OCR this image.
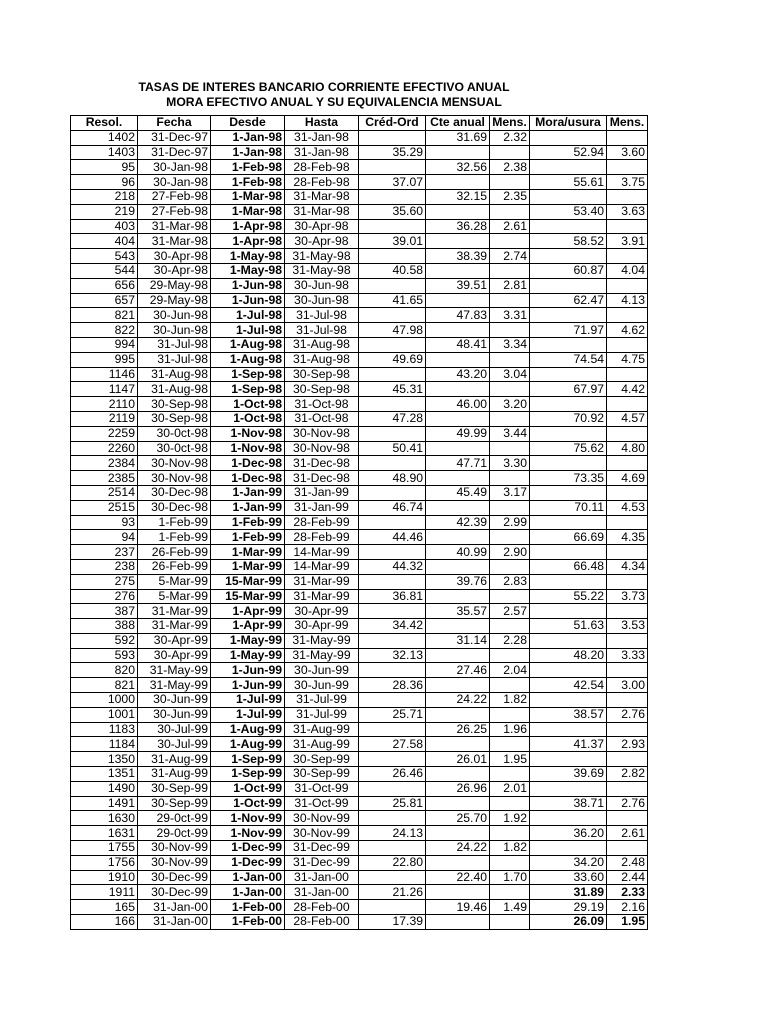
TASAS DE INTERES BANCARIO CORRIENTE EFECTIVO ANUAL
MORA EFECTIVO ANUAL Y SU EQUIVALENCIA MENSUAL
Resol.	Fecha	Desde	Hasta	Créd-Ord	Cte anual	Mens.	Mora/usura	Mens.
1402	31-Dec-97	1-Jan-98	31-Jan-98		31.69	2.32		
1403	31-Dec-97	1-Jan-98	31-Jan-98	35.29			52.94	3.60
95	30-Jan-98	1-Feb-98	28-Feb-98		32.56	2.38		
96	30-Jan-98	1-Feb-98	28-Feb-98	37.07			55.61	3.75
218	27-Feb-98	1-Mar-98	31-Mar-98		32.15	2.35		
219	27-Feb-98	1-Mar-98	31-Mar-98	35.60			53.40	3.63
403	31-Mar-98	1-Apr-98	30-Apr-98		36.28	2.61		
404	31-Mar-98	1-Apr-98	30-Apr-98	39.01			58.52	3.91
543	30-Apr-98	1-May-98	31-May-98		38.39	2.74		
544	30-Apr-98	1-May-98	31-May-98	40.58			60.87	4.04
656	29-May-98	1-Jun-98	30-Jun-98		39.51	2.81		
657	29-May-98	1-Jun-98	30-Jun-98	41.65			62.47	4.13
821	30-Jun-98	1-Jul-98	31-Jul-98		47.83	3.31		
822	30-Jun-98	1-Jul-98	31-Jul-98	47.98			71.97	4.62
994	31-Jul-98	1-Aug-98	31-Aug-98		48.41	3.34		
995	31-Jul-98	1-Aug-98	31-Aug-98	49.69			74.54	4.75
1146	31-Aug-98	1-Sep-98	30-Sep-98		43.20	3.04		
1147	31-Aug-98	1-Sep-98	30-Sep-98	45.31			67.97	4.42
2110	30-Sep-98	1-Oct-98	31-Oct-98		46.00	3.20		
2119	30-Sep-98	1-Oct-98	31-Oct-98	47.28			70.92	4.57
2259	30-0ct-98	1-Nov-98	30-Nov-98		49.99	3.44		
2260	30-0ct-98	1-Nov-98	30-Nov-98	50.41			75.62	4.80
2384	30-Nov-98	1-Dec-98	31-Dec-98		47.71	3.30		
2385	30-Nov-98	1-Dec-98	31-Dec-98	48.90			73.35	4.69
2514	30-Dec-98	1-Jan-99	31-Jan-99		45.49	3.17		
2515	30-Dec-98	1-Jan-99	31-Jan-99	46.74			70.11	4.53
93	1-Feb-99	1-Feb-99	28-Feb-99		42.39	2.99		
94	1-Feb-99	1-Feb-99	28-Feb-99	44.46			66.69	4.35
237	26-Feb-99	1-Mar-99	14-Mar-99		40.99	2.90		
238	26-Feb-99	1-Mar-99	14-Mar-99	44.32			66.48	4.34
275	5-Mar-99	15-Mar-99	31-Mar-99		39.76	2.83		
276	5-Mar-99	15-Mar-99	31-Mar-99	36.81			55.22	3.73
387	31-Mar-99	1-Apr-99	30-Apr-99		35.57	2.57		
388	31-Mar-99	1-Apr-99	30-Apr-99	34.42			51.63	3.53
592	30-Apr-99	1-May-99	31-May-99		31.14	2.28		
593	30-Apr-99	1-May-99	31-May-99	32.13			48.20	3.33
820	31-May-99	1-Jun-99	30-Jun-99		27.46	2.04		
821	31-May-99	1-Jun-99	30-Jun-99	28.36			42.54	3.00
1000	30-Jun-99	1-Jul-99	31-Jul-99		24.22	1.82		
1001	30-Jun-99	1-Jul-99	31-Jul-99	25.71			38.57	2.76
1183	30-Jul-99	1-Aug-99	31-Aug-99		26.25	1.96		
1184	30-Jul-99	1-Aug-99	31-Aug-99	27.58			41.37	2.93
1350	31-Aug-99	1-Sep-99	30-Sep-99		26.01	1.95		
1351	31-Aug-99	1-Sep-99	30-Sep-99	26.46			39.69	2.82
1490	30-Sep-99	1-Oct-99	31-Oct-99		26.96	2.01		
1491	30-Sep-99	1-Oct-99	31-Oct-99	25.81			38.71	2.76
1630	29-0ct-99	1-Nov-99	30-Nov-99		25.70	1.92		
1631	29-0ct-99	1-Nov-99	30-Nov-99	24.13			36.20	2.61
1755	30-Nov-99	1-Dec-99	31-Dec-99		24.22	1.82		
1756	30-Nov-99	1-Dec-99	31-Dec-99	22.80			34.20	2.48
1910	30-Dec-99	1-Jan-00	31-Jan-00		22.40	1.70	33.60	2.44
1911	30-Dec-99	1-Jan-00	31-Jan-00	21.26			31.89	2.33
165	31-Jan-00	1-Feb-00	28-Feb-00		19.46	1.49	29.19	2.16
166	31-Jan-00	1-Feb-00	28-Feb-00	17.39			26.09	1.95
